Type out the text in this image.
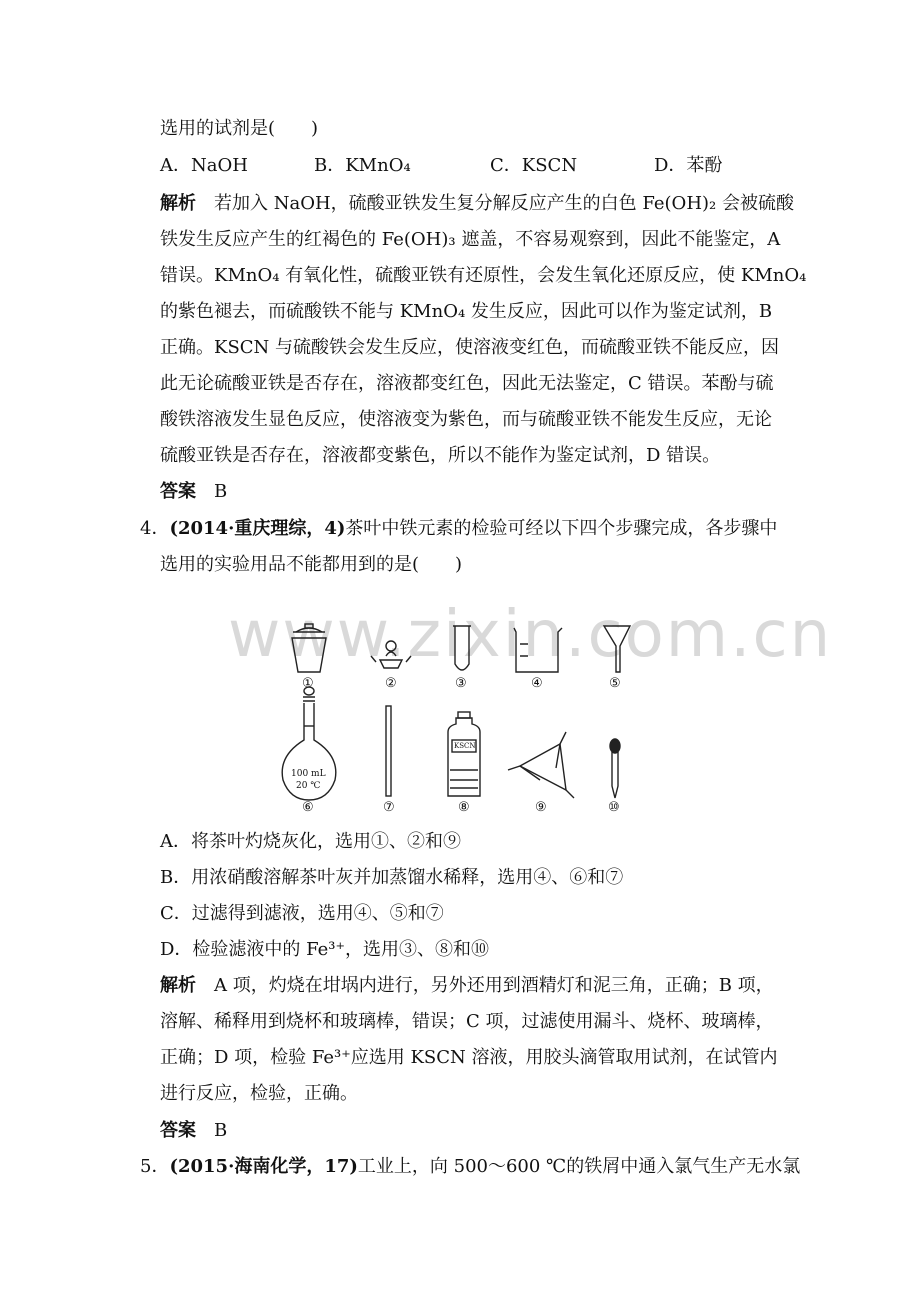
选用的试剂是(　　)
A．NaOH	B．KMnO₄	C．KSCN	D．苯酚
解析 若加入 NaOH，硫酸亚铁发生复分解反应产生的白色 Fe(OH)₂ 会被硫酸
铁发生反应产生的红褐色的 Fe(OH)₃ 遮盖，不容易观察到，因此不能鉴定，A
错误。KMnO₄ 有氧化性，硫酸亚铁有还原性，会发生氧化还原反应，使 KMnO₄
的紫色褪去，而硫酸铁不能与 KMnO₄ 发生反应，因此可以作为鉴定试剂，B
正确。KSCN 与硫酸铁会发生反应，使溶液变红色，而硫酸亚铁不能反应，因
此无论硫酸亚铁是否存在，溶液都变红色，因此无法鉴定，C 错误。苯酚与硫
酸铁溶液发生显色反应，使溶液变为紫色，而与硫酸亚铁不能发生反应，无论
硫酸亚铁是否存在，溶液都变紫色，所以不能作为鉴定试剂，D 错误。
答案 B
4．(2014·重庆理综，4)茶叶中铁元素的检验可经以下四个步骤完成，各步骤中
选用的实验用品不能都用到的是(　　)
www.zixin.com.cn
①	②	③	④	⑤
⑥	⑦	⑧	⑨	⑩
100 mL
20 ℃
KSCN
A．将茶叶灼烧灰化，选用①、②和⑨
B．用浓硝酸溶解茶叶灰并加蒸馏水稀释，选用④、⑥和⑦
C．过滤得到滤液，选用④、⑤和⑦
D．检验滤液中的 Fe³⁺，选用③、⑧和⑩
解析 A 项，灼烧在坩埚内进行，另外还用到酒精灯和泥三角，正确；B 项，
溶解、稀释用到烧杯和玻璃棒，错误；C 项，过滤使用漏斗、烧杯、玻璃棒，
正确；D 项，检验 Fe³⁺应选用 KSCN 溶液，用胶头滴管取用试剂，在试管内
进行反应，检验，正确。
答案 B
5．(2015·海南化学，17)工业上，向 500～600 ℃的铁屑中通入氯气生产无水氯
